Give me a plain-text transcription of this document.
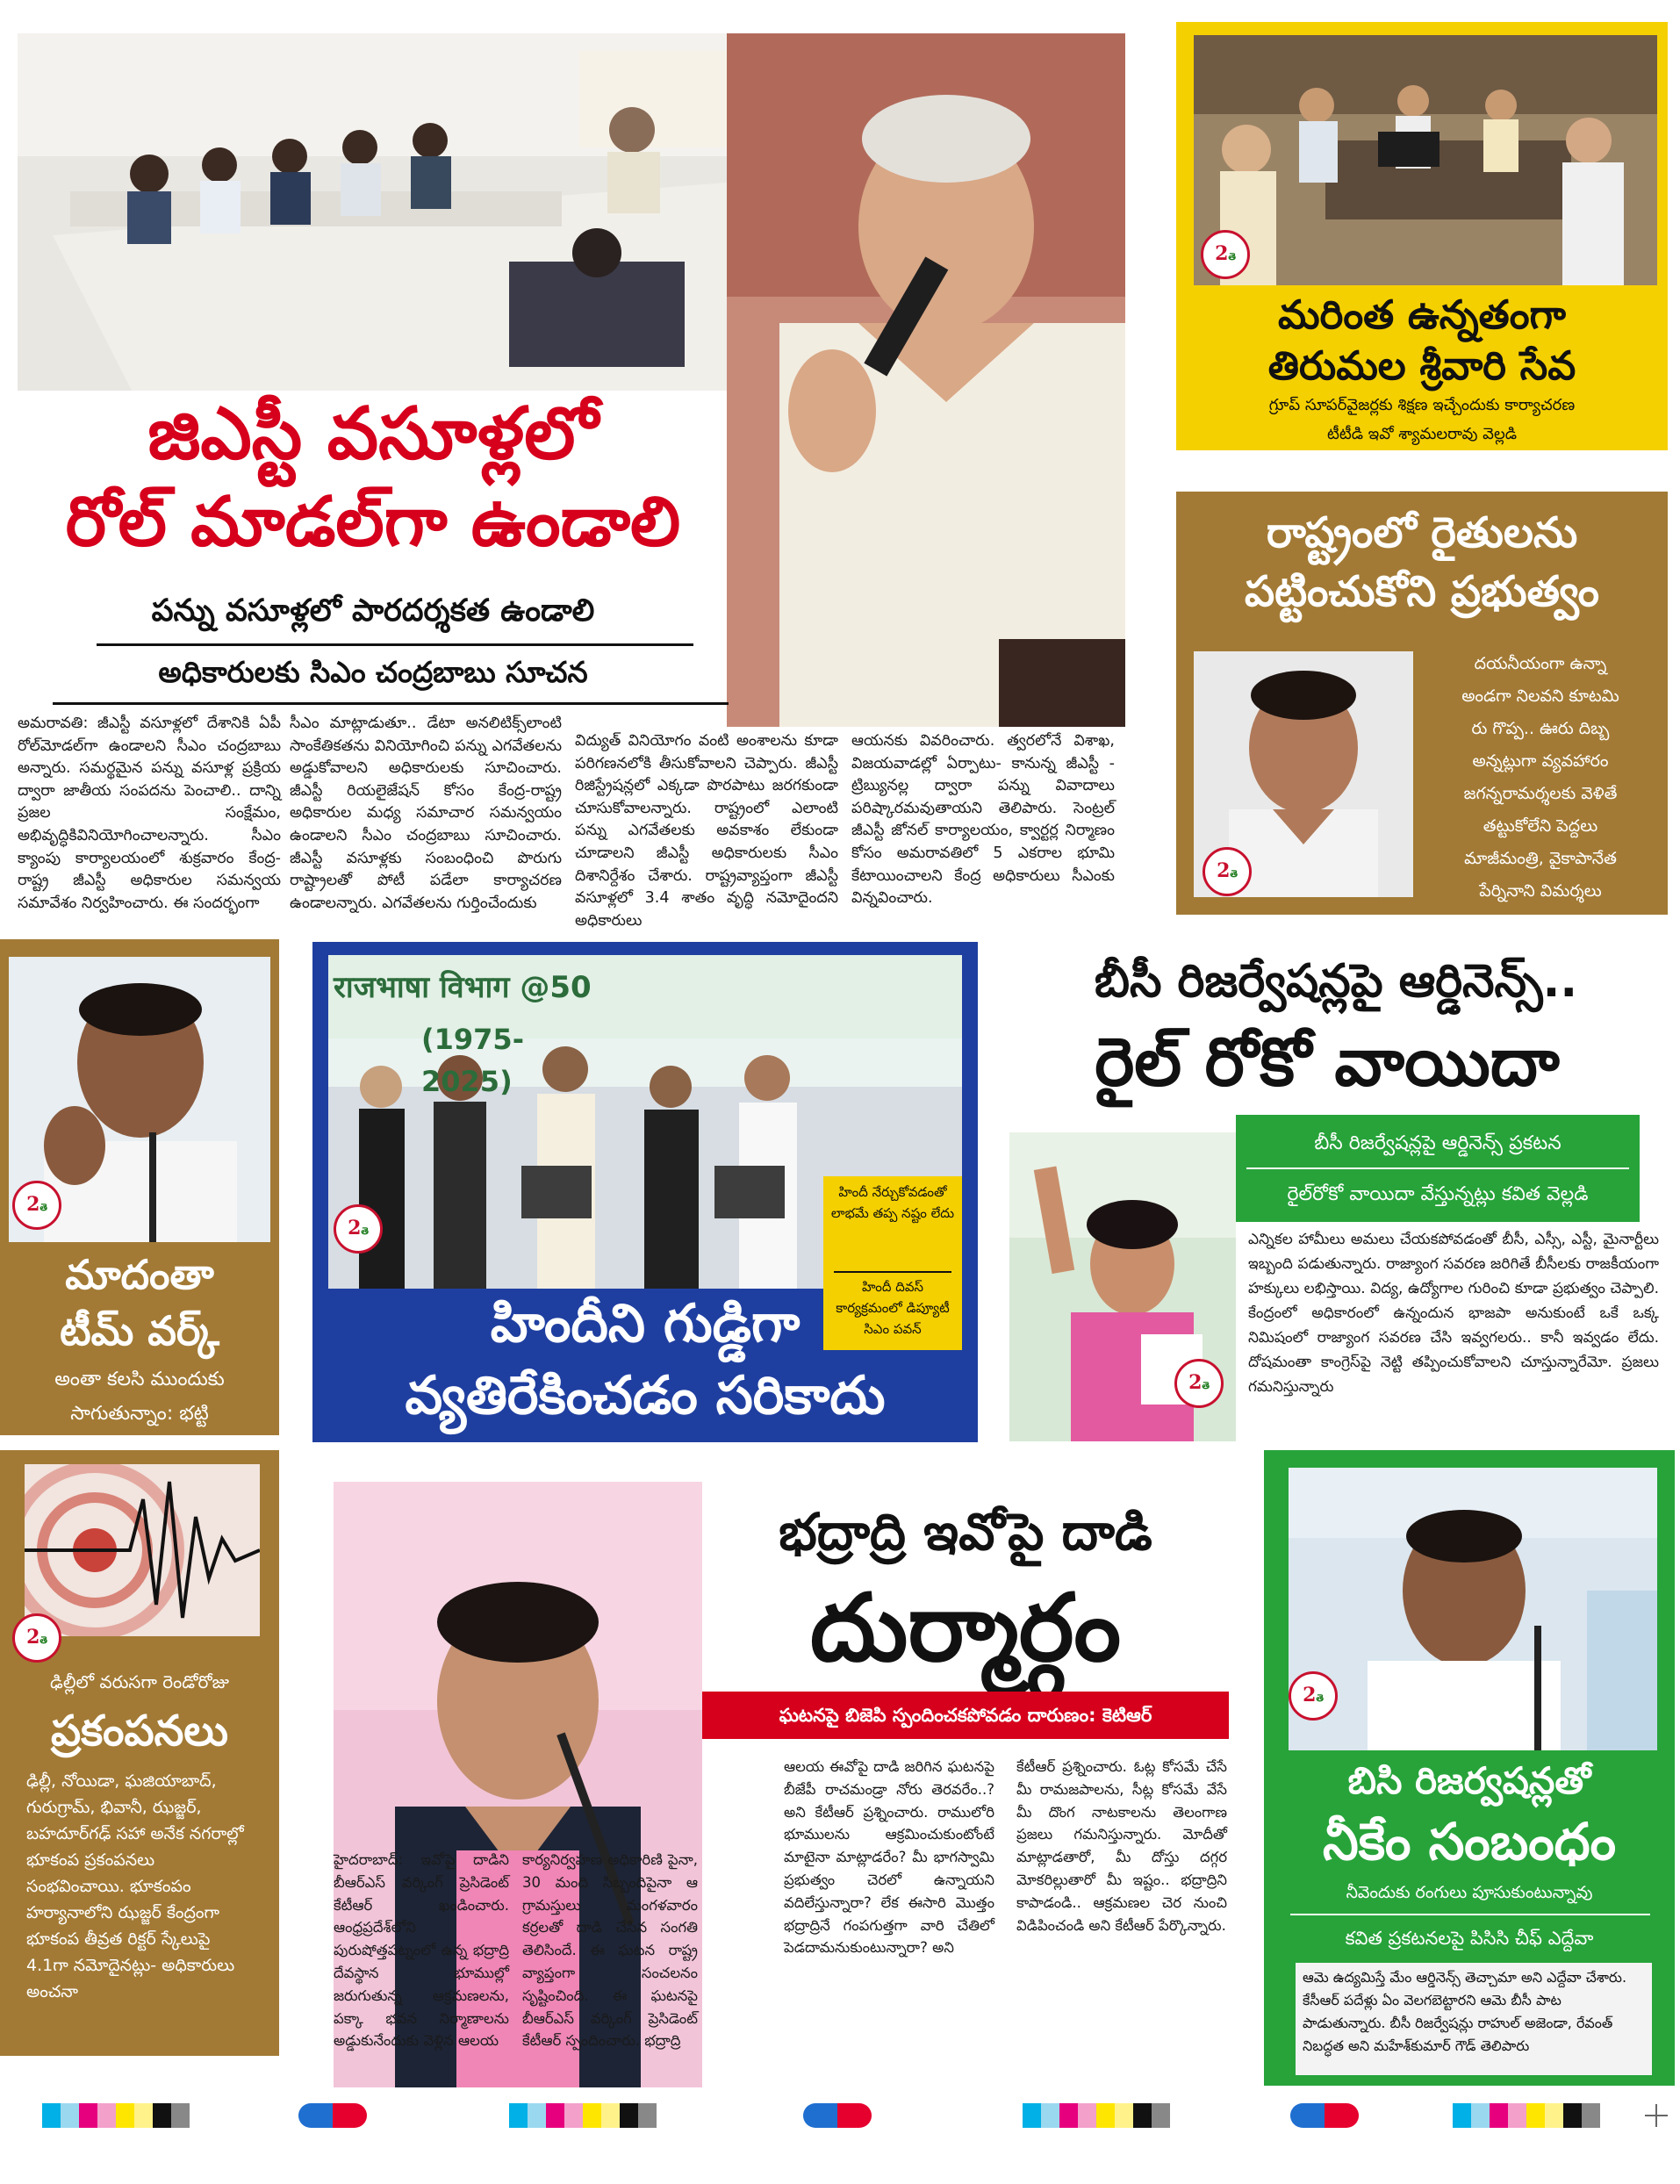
జిఎస్టీ వసూళ్లలో
రోల్ మాడల్‌గా ఉండాలి
పన్ను వసూళ్లలో పారదర్శకత ఉండాలి
అధికారులకు సిఎం చంద్రబాబు సూచన
అమరావతి: జీఎస్టీ వసూళ్లలో దేశానికి ఏపీ రోల్‌మోడల్‌గా ఉండాలని సీఎం చంద్రబాబు అన్నారు. సమర్థమైన పన్ను వసూళ్ల ప్రక్రియ ద్వారా జాతీయ సంపదను పెంచాలి.. దాన్ని ప్రజల సంక్షేమం, అభివృద్ధికివినియోగించాలన్నారు. సీఎం క్యాంపు కార్యాలయంలో శుక్రవారం కేంద్ర-రాష్ట్ర జీఎస్టీ అధికారుల సమన్వయ సమావేశం నిర్వహించారు. ఈ సందర్భంగా
సీఎం మాట్లాడుతూ.. డేటా అనలిటిక్స్‌లాంటి సాంకేతికతను వినియోగించి పన్ను ఎగవేతలను అడ్డుకోవాలని అధికారులకు సూచించారు. జీఎస్టీ రియలైజేషన్ కోసం కేంద్ర-రాష్ట్ర అధికారుల మధ్య సమాచార సమన్వయం ఉండాలని సీఎం చంద్రబాబు సూచించారు. జీఎస్టీ వసూళ్లకు సంబంధించి పొరుగు రాష్ట్రాలతో పోటీ పడేలా కార్యాచరణ ఉండాలన్నారు. ఎగవేతలను గుర్తించేందుకు
విద్యుత్ వినియోగం వంటి అంశాలను కూడా పరిగణనలోకి తీసుకోవాలని చెప్పారు. జీఎస్టీ రిజిస్ట్రేషన్లలో ఎక్కడా పొరపాటు జరగకుండా చూసుకోవాలన్నారు. రాష్ట్రంలో ఎలాంటి పన్ను ఎగవేతలకు అవకాశం లేకుండా చూడాలని జీఎస్టీ అధికారులకు సీఎం దిశానిర్దేశం చేశారు. రాష్ట్రవ్యాప్తంగా జీఎస్టీ వసూళ్లలో 3.4 శాతం వృద్ధి నమోదైందని అధికారులు
ఆయనకు వివరించారు. త్వరలోనే విశాఖ, విజయవాడల్లో ఏర్పాటు- కానున్న జీఎస్టీ - ట్రిబ్యునల్ల ద్వారా పన్ను వివాదాలు పరిష్కారమవుతాయని తెలిపారు. సెంట్రల్ జీఎస్టీ జోనల్ కార్యాలయం, క్వార్టర్ల నిర్మాణం కోసం అమరావతిలో 5 ఎకరాల భూమి కేటాయించాలని కేంద్ర అధికారులు సీఎంకు విన్నవించారు.
2తె
మరింత ఉన్నతంగా
తిరుమల శ్రీవారి సేవ
గ్రూప్ సూపర్‌వైజర్లకు శిక్షణ ఇచ్చేందుకు కార్యాచరణ
టీటీడి ఇవో శ్యామలరావు వెల్లడి
రాష్ట్రంలో రైతులను
పట్టించుకోని ప్రభుత్వం
2తె
దయనీయంగా ఉన్నా
అండగా నిలవని కూటమి
రు గొప్ప.. ఊరు దిబ్బ
అన్నట్లుగా వ్యవహారం
జగన్నరామర్శలకు వెళితే
తట్టుకోలేని పెద్దలు
మాజీమంత్రి, వైకాపానేత
పేర్నినాని విమర్శలు
2తె
మాదంతా
టీమ్ వర్క్
అంతా కలసి ముందుకు
సాగుతున్నాం: భట్టి
2తె
ఢిల్లీలో వరుసగా రెండోరోజు
ప్రకంపనలు
ఢిల్లీ, నోయిడా, ఘజియాబాద్, గురుగ్రామ్, భివానీ, ఝజ్జర్, బహదూర్‌గఢ్ సహా అనేక నగరాల్లో భూకంప ప్రకంపనలు సంభవించాయి. భూకంపం హర్యానాలోని ఝజ్జర్ కేంద్రంగా భూకంప తీవ్రత రిక్టర్ స్కేలుపై 4.1గా నమోదైనట్లు- అధికారులు అంచనా
राजभाषा विभाग @50
(1975-2025)
2తె
హిందీ నేర్చుకోవడంతో లాభమే తప్ప నష్టం లేదు
హిందీ దివస్ కార్యక్రమంలో డిప్యూటీ సిఎం పవన్
హిందీని గుడ్డిగా
వ్యతిరేకించడం సరికాదు
బీసీ రిజర్వేషన్లపై ఆర్డినెన్స్..
రైల్ రోకో వాయిదా
2తె
బీసీ రిజర్వేషన్లపై ఆర్డినెన్స్ ప్రకటన
రైల్‌రోకో వాయిదా వేస్తున్నట్లు కవిత వెల్లడి
ఎన్నికల హామీలు అమలు చేయకపోవడంతో బీసీ, ఎస్సీ, ఎస్టీ, మైనార్టీలు ఇబ్బంది పడుతున్నారు. రాజ్యాంగ సవరణ జరిగితే బీసీలకు రాజకీయంగా హక్కులు లభిస్తాయి. విద్య, ఉద్యోగాల గురించి కూడా ప్రభుత్వం చెప్పాలి. కేంద్రంలో అధికారంలో ఉన్నందున భాజపా అనుకుంటే ఒకే ఒక్క నిమిషంలో రాజ్యాంగ సవరణ చేసి ఇవ్వగలరు.. కానీ ఇవ్వడం లేదు. దోషమంతా కాంగ్రెస్‌పై నెట్టి తప్పించుకోవాలని చూస్తున్నారేమో. ప్రజలు గమనిస్తున్నారు
భద్రాద్రి ఇవోపై దాడి
దుర్మార్గం
ఘటనపై బిజెపి స్పందించకపోవడం దారుణం: కెటిఆర్
హైదరాబాద్: ఇవోపై దాడిని బీఆర్ఎస్ వర్కింగ్ ప్రెసిడెంట్ కేటీఆర్ ఖండించారు. ఆంధ్రప్రదేశ్‌లోని పురుషోత్తపట్నంలో ఉన్న భద్రాద్రి దేవస్థాన భూముల్లో జరుగుతున్న ఆక్రమణలను, పక్కా భవన నిర్మాణాలను అడ్డుకునేందుకు వెళ్లిన ఆలయ
కార్యనిర్వహణ అధికారిణి పైనా, 30 మంది సిబ్బందిపైనా ఆ గ్రామస్తులు మంగళవారం కర్రలతో దాడి చేసిన సంగతి తెలిసిందే. ఈ ఘటన రాష్ట్ర వ్యాప్తంగా సంచలనం సృష్టించింది. ఈ ఘటనపై బీఆర్ఎస్ వర్కింగ్ ప్రెసిడెంట్ కేటీఆర్ స్పందించారు. భద్రాద్రి
ఆలయ ఈవోపై దాడి జరిగిన ఘటనపై బీజేపీ రాచమండ్రా నోరు తెరవరేం..? అని కేటీఆర్ ప్రశ్నించారు. రాములోరి భూములను ఆక్రమించుకుంటోంటే మాటైనా మాట్లాడరేం? మీ భాగస్వామి ప్రభుత్వం చెరలో ఉన్నాయని వదిలేస్తున్నారా? లేక ఈసారి మొత్తం భద్రాద్రినే గంపగుత్తగా వారి చేతిలో పెడదామనుకుంటున్నారా? అని
కేటీఆర్ ప్రశ్నించారు. ఓట్ల కోసమే చేసే మీ రామజపాలను, సీట్ల కోసమే వేసే మీ దొంగ నాటకాలను తెలంగాణ ప్రజలు గమనిస్తున్నారు. మోదీతో మాట్లాడతారో, మీ దోస్తు దగ్గర మోకరిల్లుతారో మీ ఇష్టం.. భద్రాద్రిని కాపాడండి.. ఆక్రమణల చెర నుంచి విడిపించండి అని కేటీఆర్ పేర్కొన్నారు.
2తె
బిసి రిజర్వషన్లతో
నీకేం సంబంధం
నీవెందుకు రంగులు పూసుకుంటున్నావు
కవిత ప్రకటనలపై పిసిసి చీఫ్ ఎద్దేవా
ఆమె ఉద్యమిస్తే మేం ఆర్డినెన్స్ తెచ్చామా అని ఎద్దేవా చేశారు. కేసీఆర్ పదేళ్లు ఏం వెలగబెట్టారని ఆమె బీసీ పాట పాడుతున్నారు. బీసీ రిజర్వేషన్లు రాహుల్ అజెండా, రేవంత్ నిబద్ధత అని మహేశ్‌కుమార్ గౌడ్ తెలిపారు
